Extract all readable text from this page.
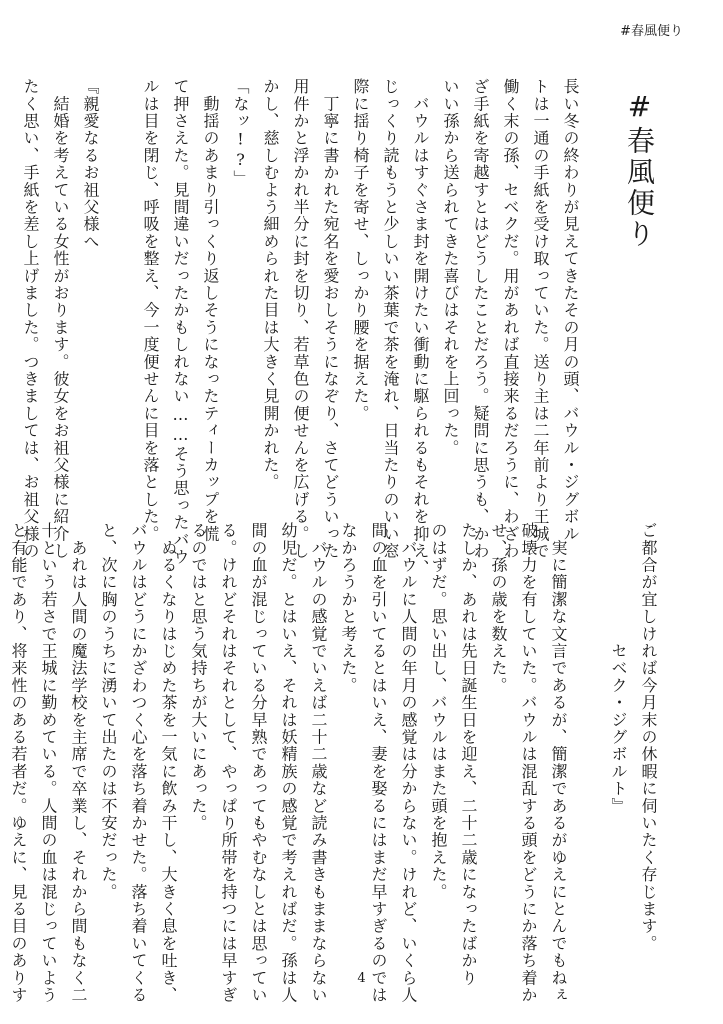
#春風便り
#春風便り
長い冬の終わりが見えてきたその月の頭、バウル・ジグボル
トは一通の手紙を受け取っていた。送り主は二年前より王城で
働く末の孫、セベクだ。用があれば直接来るだろうに、わざわ
ざ手紙を寄越すとはどうしたことだろう。疑問に思うも、かわ
いい孫から送られてきた喜びはそれを上回った。
　バウルはすぐさま封を開けたい衝動に駆られるもそれを抑え、
じっくり読もうと少しいい茶葉で茶を淹れ、日当たりのいい窓
際に揺り椅子を寄せ、しっかり腰を据えた。
　丁寧に書かれた宛名を愛おしそうになぞり、さてどういった
用件かと浮かれ半分に封を切り、若草色の便せんを広げる。し
かし、慈しむよう細められた目は大きく見開かれた。
「なッ!?」
　動揺のあまり引っくり返しそうになったティーカップを慌
て押さえた。見間違いだったかもしれない……そう思ったバウ
ルは目を閉じ、呼吸を整え、今一度便せんに目を落とした。
『親愛なるお祖父様へ
　結婚を考えている女性がおります。彼女をお祖父様に紹介し
たく思い、手紙を差し上げました。つきましては、お祖父様の
ご都合が宜しければ今月末の休暇に伺いたく存じます。
　　　　　　　セベク・ジグボルト』
　実に簡潔な文言であるが、簡潔であるがゆえにとんでもねぇ
破壊力を有していた。バウルは混乱する頭をどうにか落ち着か
せ、孫の歳を数えた。
たしか、あれは先日誕生日を迎え、二十二歳になったばかり
のはずだ。思い出し、バウルはまた頭を抱えた。
　バウルに人間の年月の感覚は分からない。けれど、いくら人
間の血を引いてるとはいえ、妻を娶るにはまだ早すぎるのでは
なかろうかと考えた。
　バウルの感覚でいえば二十二歳など読み書きもままならない
幼児だ。とはいえ、それは妖精族の感覚で考えればだ。孫は人
間の血が混じっている分早熟であってもやむなしとは思ってい
る。けれどそれはそれとして、やっぱり所帯を持つには早すぎ
るのではと思う気持ちが大いにあった。
　ぬるくなりはじめた茶を一気に飲み干し、大きく息を吐き、
バウルはどうにかざわつく心を落ち着かせた。落ち着いてくる
と、次に胸のうちに湧いて出たのは不安だった。
　あれは人間の魔法学校を主席で卒業し、それから間もなく二
十という若さで王城に勤めている。人間の血は混じっていよう
と有能であり、将来性のある若者だ。ゆえに、見る目のありす	4
